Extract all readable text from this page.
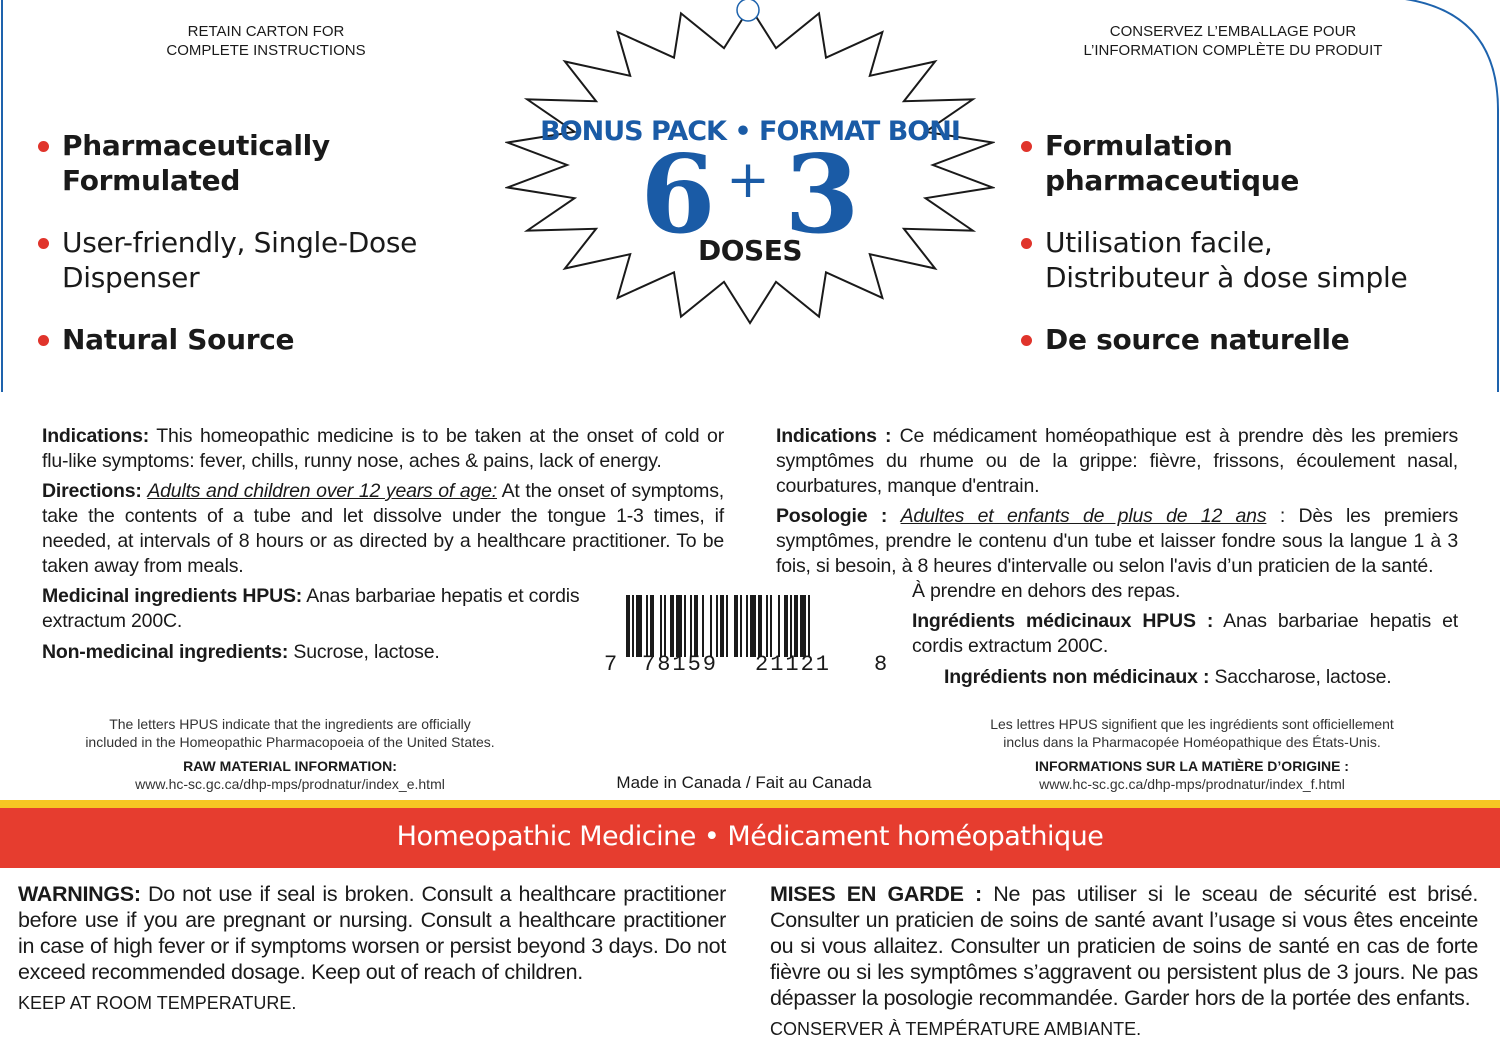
RETAIN CARTON FOR
COMPLETE INSTRUCTIONS
CONSERVEZ L’EMBALLAGE POUR
L’INFORMATION COMPLÈTE DU PRODUIT
Pharmaceutically Formulated
User-friendly, Single-Dose
Dispenser
Natural Source
Formulation pharmaceutique
Utilisation facile,
Distributeur à dose simple
De source naturelle
BONUS PACK • FORMAT BONI
6 + 3
DOSES
Indications: This homeopathic medicine is to be taken at the onset of cold or flu-like symptoms: fever, chills, runny nose, aches & pains, lack of energy.
Directions: Adults and children over 12 years of age: At the onset of symptoms, take the contents of a tube and let dissolve under the tongue 1-3 times, if needed, at intervals of 8 hours or as directed by a healthcare practitioner. To be taken away from meals.
Medicinal ingredients HPUS: Anas barbariae hepatis et cordis extractum 200C.
Non-medicinal ingredients: Sucrose, lactose.
Indications : Ce médicament homéopathique est à prendre dès les premiers symptômes du rhume ou de la grippe: fièvre, frissons, écoulement nasal, courbatures, manque d'entrain.
Posologie : Adultes et enfants de plus de 12 ans : Dès les premiers symptômes, prendre le contenu d'un tube et laisser fondre sous la langue 1 à 3 fois, si besoin, à 8 heures d'intervalle ou selon l'avis d’un praticien de la santé.
À prendre en dehors des repas.
Ingrédients médicinaux HPUS : Anas barbariae hepatis et cordis extractum 200C.
Ingrédients non médicinaux : Saccharose, lactose.
7 78159 21121 8
The letters HPUS indicate that the ingredients are officially
included in the Homeopathic Pharmacopoeia of the United States.
RAW MATERIAL INFORMATION:
www.hc-sc.gc.ca/dhp-mps/prodnatur/index_e.html
Les lettres HPUS signifient que les ingrédients sont officiellement
inclus dans la Pharmacopée Homéopathique des États-Unis.
INFORMATIONS SUR LA MATIÈRE D’ORIGINE :
www.hc-sc.gc.ca/dhp-mps/prodnatur/index_f.html
Made in Canada / Fait au Canada
Homeopathic Medicine • Médicament homéopathique
WARNINGS: Do not use if seal is broken. Consult a healthcare practitioner before use if you are pregnant or nursing. Consult a healthcare practitioner in case of high fever or if symptoms worsen or persist beyond 3 days. Do not exceed recommended dosage. Keep out of reach of children.
KEEP AT ROOM TEMPERATURE.
MISES EN GARDE : Ne pas utiliser si le sceau de sécurité est brisé. Consulter un praticien de soins de santé avant l’usage si vous êtes enceinte ou si vous allaitez. Consulter un praticien de soins de santé en cas de forte fièvre ou si les symptômes s’aggravent ou persistent plus de 3 jours. Ne pas dépasser la posologie recommandée. Garder hors de la portée des enfants.
CONSERVER À TEMPÉRATURE AMBIANTE.
